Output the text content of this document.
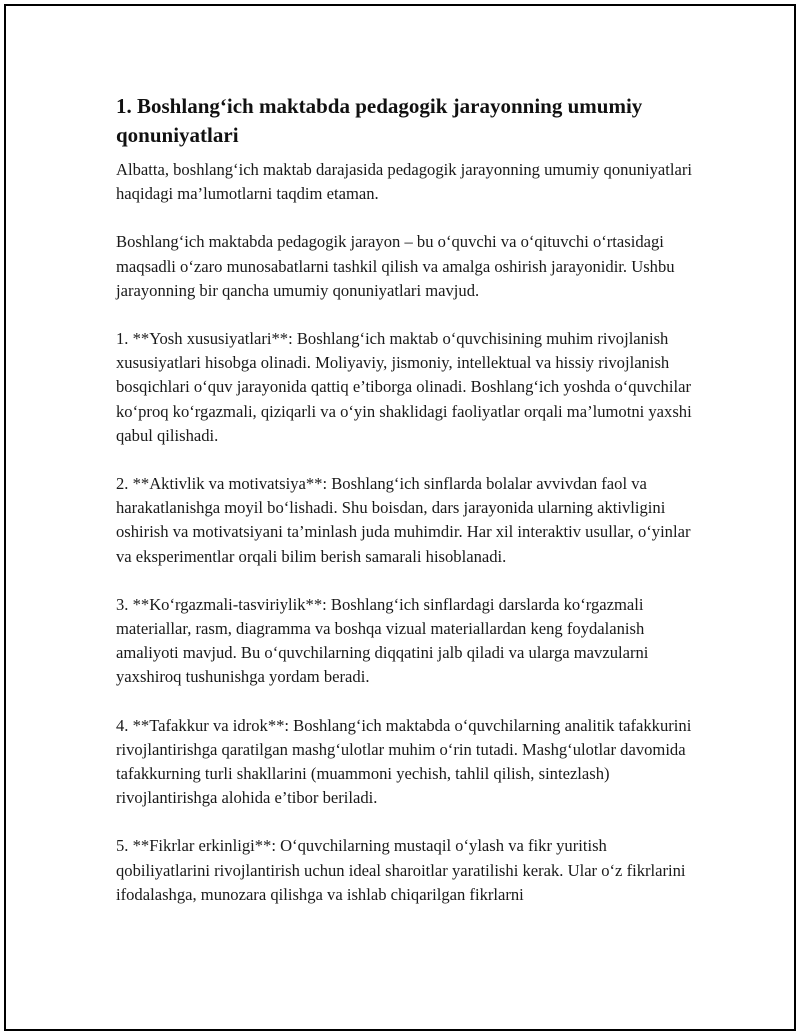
1. Boshlang‘ich maktabda pedagogik jarayonning umumiy qonuniyatlari

Albatta, boshlang‘ich maktab darajasida pedagogik jarayonning umumiy qonuniyatlari haqidagi ma’lumotlarni taqdim etaman.

Boshlang‘ich maktabda pedagogik jarayon – bu o‘quvchi va o‘qituvchi o‘rtasidagi maqsadli o‘zaro munosabatlarni tashkil qilish va amalga oshirish jarayonidir. Ushbu jarayonning bir qancha umumiy qonuniyatlari mavjud.

1. **Yosh xususiyatlari**: Boshlang‘ich maktab o‘quvchisining muhim rivojlanish xususiyatlari hisobga olinadi. Moliyaviy, jismoniy, intellektual va hissiy rivojlanish bosqichlari o‘quv jarayonida qattiq e’tiborga olinadi. Boshlang‘ich yoshda o‘quvchilar ko‘proq ko‘rgazmali, qiziqarli va o‘yin shaklidagi faoliyatlar orqali ma’lumotni yaxshi qabul qilishadi.

2. **Aktivlik va motivatsiya**: Boshlang‘ich sinflarda bolalar avvivdan faol va harakatlanishga moyil bo‘lishadi. Shu boisdan, dars jarayonida ularning aktivligini oshirish va motivatsiyani ta’minlash juda muhimdir. Har xil interaktiv usullar, o‘yinlar va eksperimentlar orqali bilim berish samarali hisoblanadi.

3. **Ko‘rgazmali-tasviriylik**: Boshlang‘ich sinflardagi darslarda ko‘rgazmali materiallar, rasm, diagramma va boshqa vizual materiallardan keng foydalanish amaliyoti mavjud. Bu o‘quvchilarning diqqatini jalb qiladi va ularga mavzularni yaxshiroq tushunishga yordam beradi.

4. **Tafakkur va idrok**: Boshlang‘ich maktabda o‘quvchilarning analitik tafakkurini rivojlantirishga qaratilgan mashg‘ulotlar muhim o‘rin tutadi. Mashg‘ulotlar davomida tafakkurning turli shakllarini (muammoni yechish, tahlil qilish, sintezlash) rivojlantirishga alohida e’tibor beriladi.

5. **Fikrlar erkinligi**: O‘quvchilarning mustaqil o‘ylash va fikr yuritish qobiliyatlarini rivojlantirish uchun ideal sharoitlar yaratilishi kerak. Ular o‘z fikrlarini ifodalashga, munozara qilishga va ishlab chiqarilgan fikrlarni
